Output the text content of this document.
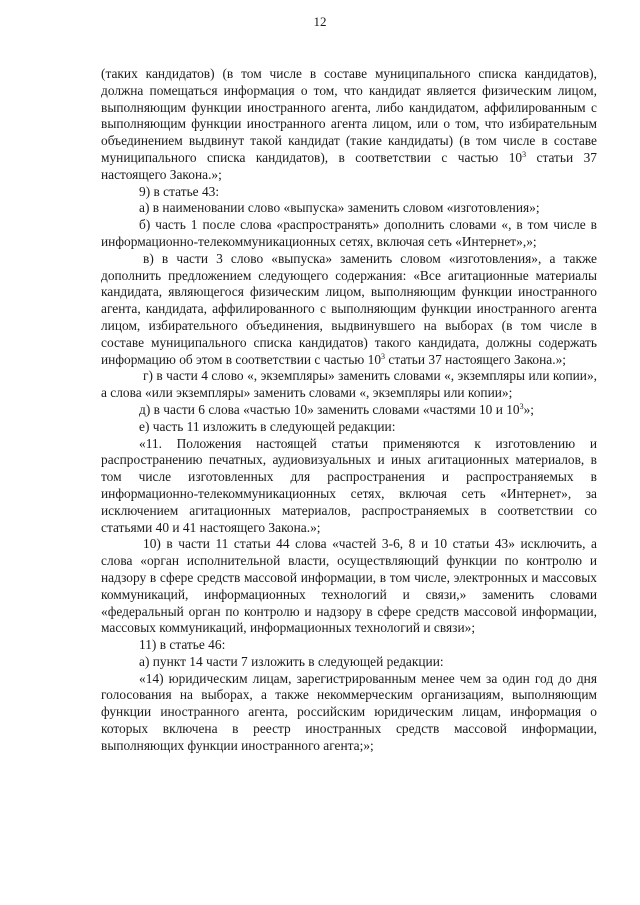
12

(таких кандидатов) (в том числе в составе муниципального списка кандидатов), должна помещаться информация о том, что кандидат является физическим лицом, выполняющим функции иностранного агента, либо кандидатом, аффилированным с выполняющим функции иностранного агента лицом, или о том, что избирательным объединением выдвинут такой кандидат (такие кандидаты) (в том числе в составе муниципального списка кандидатов), в соответствии с частью $10^3$ статьи 37 настоящего Закона.»;

9) в статье 43:

а) в наименовании слово «выпуска» заменить словом «изготовления»;

б) часть 1 после слова «распространять» дополнить словами «, в том числе в информационно-телекоммуникационных сетях, включая сеть «Интернет»,»;

в) в части 3 слово «выпуска» заменить словом «изготовления», а также дополнить предложением следующего содержания: «Все агитационные материалы кандидата, являющегося физическим лицом, выполняющим функции иностранного агента, кандидата, аффилированного с выполняющим функции иностранного агента лицом, избирательного объединения, выдвинувшего на выборах (в том числе в составе муниципального списка кандидатов) такого кандидата, должны содержать информацию об этом в соответствии с частью $10^3$ статьи 37 настоящего Закона.»;

г) в части 4 слово «, экземпляры» заменить словами «, экземпляры или копии», а слова «или экземпляры» заменить словами «, экземпляры или копии»;

д) в части 6 слова «частью 10» заменить словами «частями 10 и $10^3$»;

е) часть 11 изложить в следующей редакции:

«11. Положения настоящей статьи применяются к изготовлению и распространению печатных, аудиовизуальных и иных агитационных материалов, в том числе изготовленных для распространения и распространяемых в информационно-телекоммуникационных сетях, включая сеть «Интернет», за исключением агитационных материалов, распространяемых в соответствии со статьями 40 и 41 настоящего Закона.»;

10) в части 11 статьи 44 слова «частей 3-6, 8 и 10 статьи 43» исключить, а слова «орган исполнительной власти, осуществляющий функции по контролю и надзору в сфере средств массовой информации, в том числе, электронных и массовых коммуникаций, информационных технологий и связи,» заменить словами «федеральный орган по контролю и надзору в сфере средств массовой информации, массовых коммуникаций, информационных технологий и связи»;

11) в статье 46:

а) пункт 14 части 7 изложить в следующей редакции:

«14) юридическим лицам, зарегистрированным менее чем за один год до дня голосования на выборах, а также некоммерческим организациям, выполняющим функции иностранного агента, российским юридическим лицам, информация о которых включена в реестр иностранных средств массовой информации, выполняющих функции иностранного агента;»;
